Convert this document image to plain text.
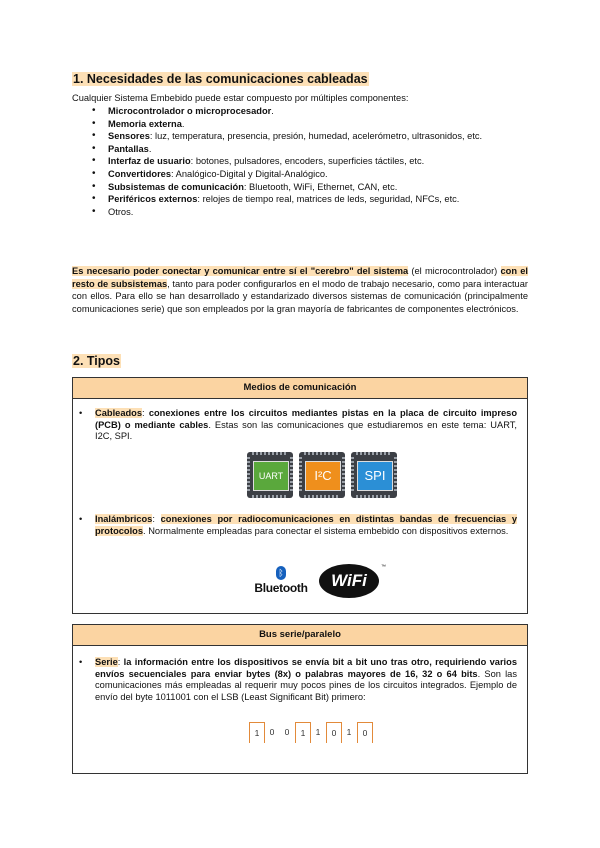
1. Necesidades de las comunicaciones cableadas
Cualquier Sistema Embebido puede estar compuesto por múltiples componentes:
• Microcontrolador o microprocesador.
• Memoria externa.
• Sensores: luz, temperatura, presencia, presión, humedad, acelerómetro, ultrasonidos, etc.
• Pantallas.
• Interfaz de usuario: botones, pulsadores, encoders, superficies táctiles, etc.
• Convertidores: Analógico-Digital y Digital-Analógico.
• Subsistemas de comunicación: Bluetooth, WiFi, Ethernet, CAN, etc.
• Periféricos externos: relojes de tiempo real, matrices de leds, seguridad, NFCs, etc.
• Otros.
Es necesario poder conectar y comunicar entre sí el "cerebro" del sistema (el microcontrolador) con el resto de subsistemas, tanto para poder configurarlos en el modo de trabajo necesario, como para interactuar con ellos. Para ello se han desarrollado y estandarizado diversos sistemas de comunicación (principalmente comunicaciones serie) que son empleados por la gran mayoría de fabricantes de componentes electrónicos.
2. Tipos
Medios de comunicación
• Cableados: conexiones entre los circuitos mediantes pistas en la placa de circuito impreso (PCB) o mediante cables. Estas son las comunicaciones que estudiaremos en este tema: UART, I2C, SPI.
UART	I²C	SPI
• Inalámbricos: conexiones por radiocomunicaciones en distintas bandas de frecuencias y protocolos. Normalmente empleadas para conectar el sistema embebido con dispositivos externos.
ᛒ
Bluetooth	WiFi
™
Bus serie/paralelo
• Serie: la información entre los dispositivos se envía bit a bit uno tras otro, requiriendo varios envíos secuenciales para enviar bytes (8x) o palabras mayores de 16, 32 o 64 bits. Son las comunicaciones más empleadas al requerir muy pocos pines de los circuitos integrados. Ejemplo de envío del byte 1011001 con el LSB (Least Significant Bit) primero:
1	0	0	1	1	0	1	0
